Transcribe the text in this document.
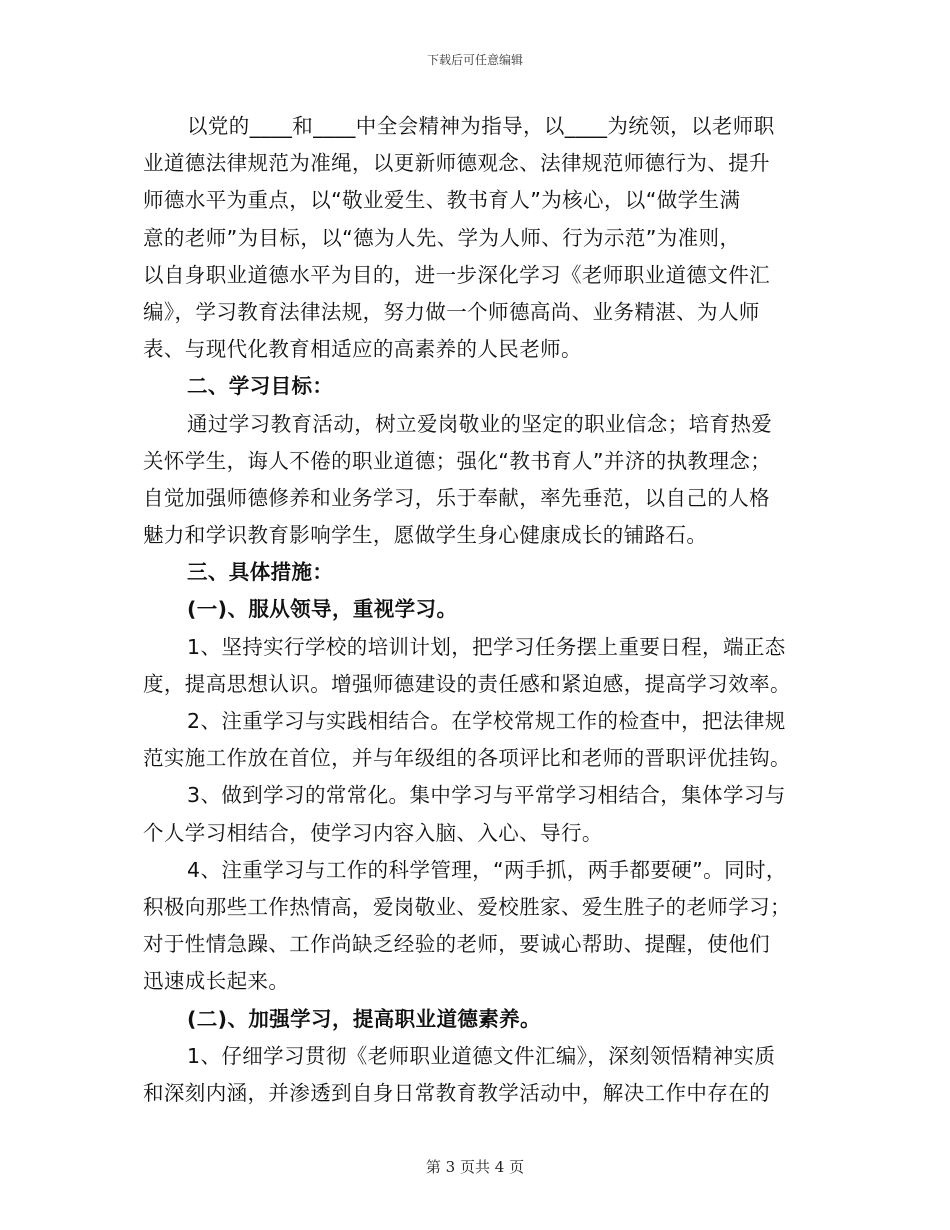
下载后可任意编辑
以党的____和____中全会精神为指导，以____为统领，以老师职
业道德法律规范为准绳，以更新师德观念、法律规范师德行为、提升
师德水平为重点，以“敬业爱生、教书育人”为核心，以“做学生满
意的老师”为目标，以“德为人先、学为人师、行为示范”为准则，
以自身职业道德水平为目的，进一步深化学习《老师职业道德文件汇
编》，学习教育法律法规，努力做一个师德高尚、业务精湛、为人师
表、与现代化教育相适应的高素养的人民老师。
二、学习目标：
通过学习教育活动，树立爱岗敬业的坚定的职业信念；培育热爱
关怀学生，诲人不倦的职业道德；强化“教书育人”并济的执教理念；
自觉加强师德修养和业务学习，乐于奉献，率先垂范，以自己的人格
魅力和学识教育影响学生，愿做学生身心健康成长的铺路石。
三、具体措施：
(一)、服从领导，重视学习。
1、坚持实行学校的培训计划，把学习任务摆上重要日程，端正态
度，提高思想认识。增强师德建设的责任感和紧迫感，提高学习效率。
2、注重学习与实践相结合。在学校常规工作的检查中，把法律规
范实施工作放在首位，并与年级组的各项评比和老师的晋职评优挂钩。
3、做到学习的常常化。集中学习与平常学习相结合，集体学习与
个人学习相结合，使学习内容入脑、入心、导行。
4、注重学习与工作的科学管理，“两手抓，两手都要硬”。同时，
积极向那些工作热情高，爱岗敬业、爱校胜家、爱生胜子的老师学习；
对于性情急躁、工作尚缺乏经验的老师，要诚心帮助、提醒，使他们
迅速成长起来。
(二)、加强学习，提高职业道德素养。
1、仔细学习贯彻《老师职业道德文件汇编》，深刻领悟精神实质
和深刻内涵，并渗透到自身日常教育教学活动中，解决工作中存在的
第 3 页共 4 页
